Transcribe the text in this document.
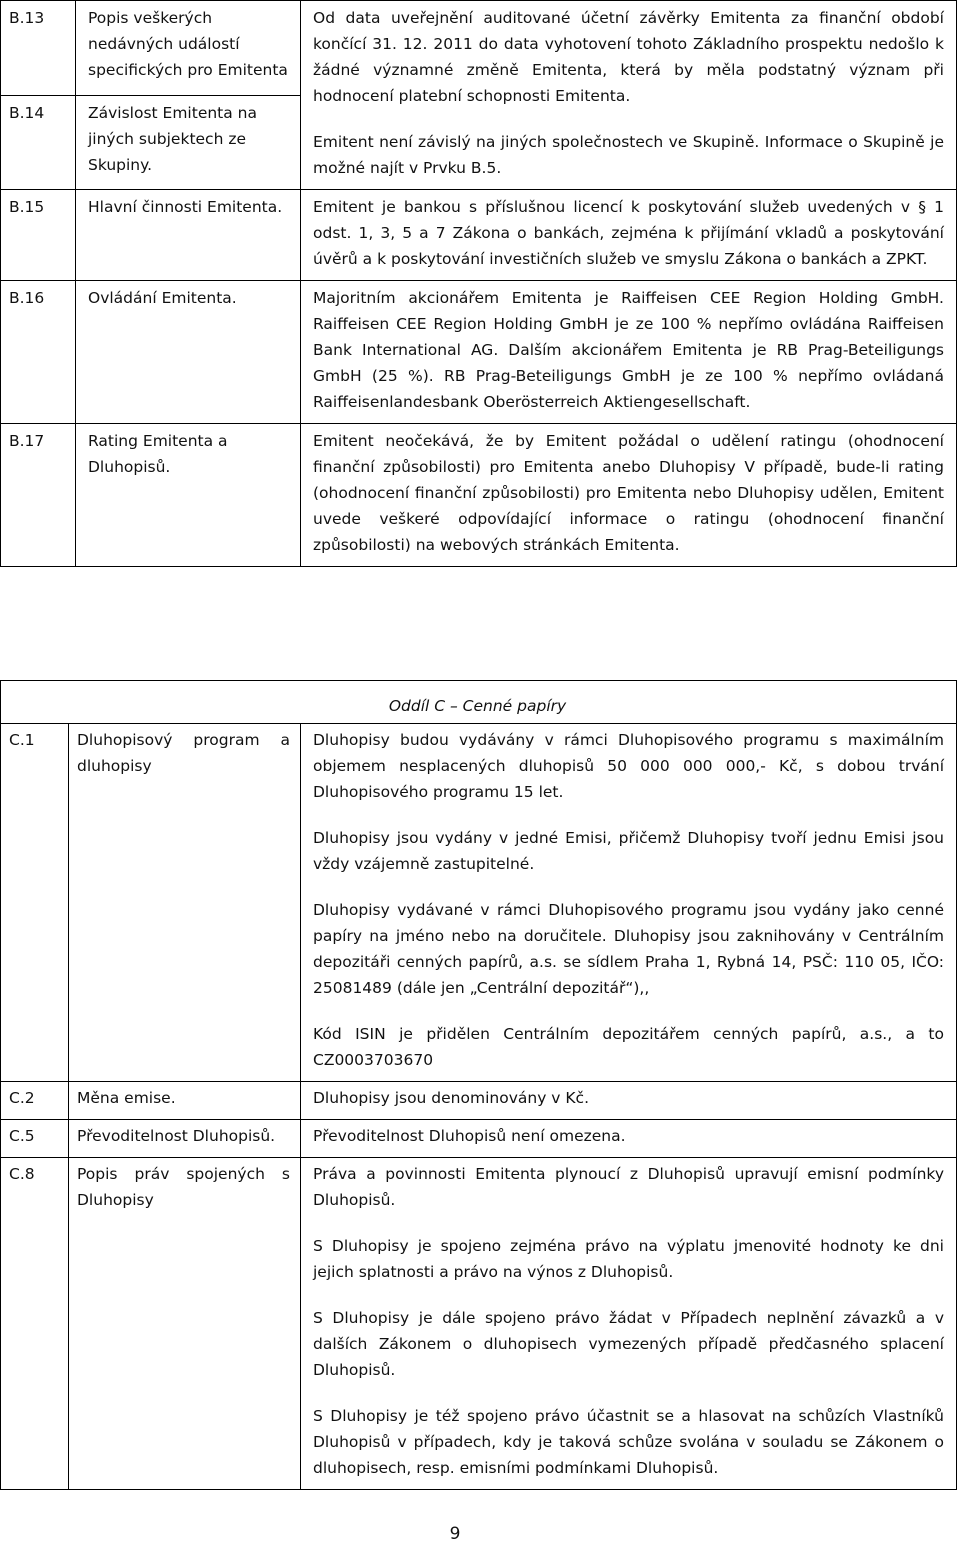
B.13	Popis veškerých nedávných událostí specifických pro Emitenta	Od data uveřejnění auditované účetní závěrky Emitenta za finanční období končící 31. 12. 2011 do data vyhotovení tohoto Základního prospektu nedošlo k žádné významné změně Emitenta, která by měla podstatný význam při hodnocení platební schopnosti Emitenta.

Emitent není závislý na jiných společnostech ve Skupině. Informace o Skupině je možné najít v Prvku B.5.

B.14	Závislost Emitenta na jiných subjektech ze Skupiny.	
B.15	Hlavní činnosti Emitenta.	Emitent je bankou s příslušnou licencí k poskytování služeb uvedených v § 1 odst. 1, 3, 5 a 7 Zákona o bankách, zejména k přijímání vkladů a poskytování úvěrů a k poskytování investičních služeb ve smyslu Zákona o bankách a ZPKT.

B.16	Ovládání Emitenta.	Majoritním akcionářem Emitenta je Raiffeisen CEE Region Holding GmbH. Raiffeisen CEE Region Holding GmbH je ze 100 % nepřímo ovládána Raiffeisen Bank International AG. Dalším akcionářem Emitenta je RB Prag-Beteiligungs GmbH (25 %). RB Prag-Beteiligungs GmbH je ze 100 % nepřímo ovládaná Raiffeisenlandesbank Oberösterreich Aktiengesellschaft.

B.17	Rating Emitenta a Dluhopisů.	Emitent neočekává, že by Emitent požádal o udělení ratingu (ohodnocení finanční způsobilosti) pro Emitenta anebo Dluhopisy V případě, bude-li rating (ohodnocení finanční způsobilosti) pro Emitenta nebo Dluhopisy udělen, Emitent uvede veškeré odpovídající informace o ratingu (ohodnocení finanční způsobilosti) na webových stránkách Emitenta.

Oddíl C – Cenné papíry		
C.1	Dluhopisový program a dluhopisy	Dluhopisy budou vydávány v rámci Dluhopisového programu s maximálním objemem nesplacených dluhopisů 50 000 000 000,- Kč, s dobou trvání Dluhopisového programu 15 let.

Dluhopisy jsou vydány v jedné Emisi, přičemž Dluhopisy tvoří jednu Emisi jsou vždy vzájemně zastupitelné.

Dluhopisy vydávané v rámci Dluhopisového programu jsou vydány jako cenné papíry na jméno nebo na doručitele. Dluhopisy jsou zaknihovány v Centrálním depozitáři cenných papírů, a.s. se sídlem Praha 1, Rybná 14, PSČ: 110 05, IČO: 25081489 (dále jen „Centrální depozitář“),,

Kód ISIN je přidělen Centrálním depozitářem cenných papírů, a.s., a to CZ0003703670

C.2	Měna emise.	Dluhopisy jsou denominovány v Kč.

C.5	Převoditelnost Dluhopisů.	Převoditelnost Dluhopisů není omezena.

C.8	Popis práv spojených s Dluhopisy	Práva a povinnosti Emitenta plynoucí z Dluhopisů upravují emisní podmínky Dluhopisů.

S Dluhopisy je spojeno zejména právo na výplatu jmenovité hodnoty ke dni jejich splatnosti a právo na výnos z Dluhopisů.

S Dluhopisy je dále spojeno právo žádat v Případech neplnění závazků a v dalších Zákonem o dluhopisech vymezených případě předčasného splacení Dluhopisů.

S Dluhopisy je též spojeno právo účastnit se a hlasovat na schůzích Vlastníků Dluhopisů v případech, kdy je taková schůze svolána v souladu se Zákonem o dluhopisech, resp. emisními podmínkami Dluhopisů.

9
